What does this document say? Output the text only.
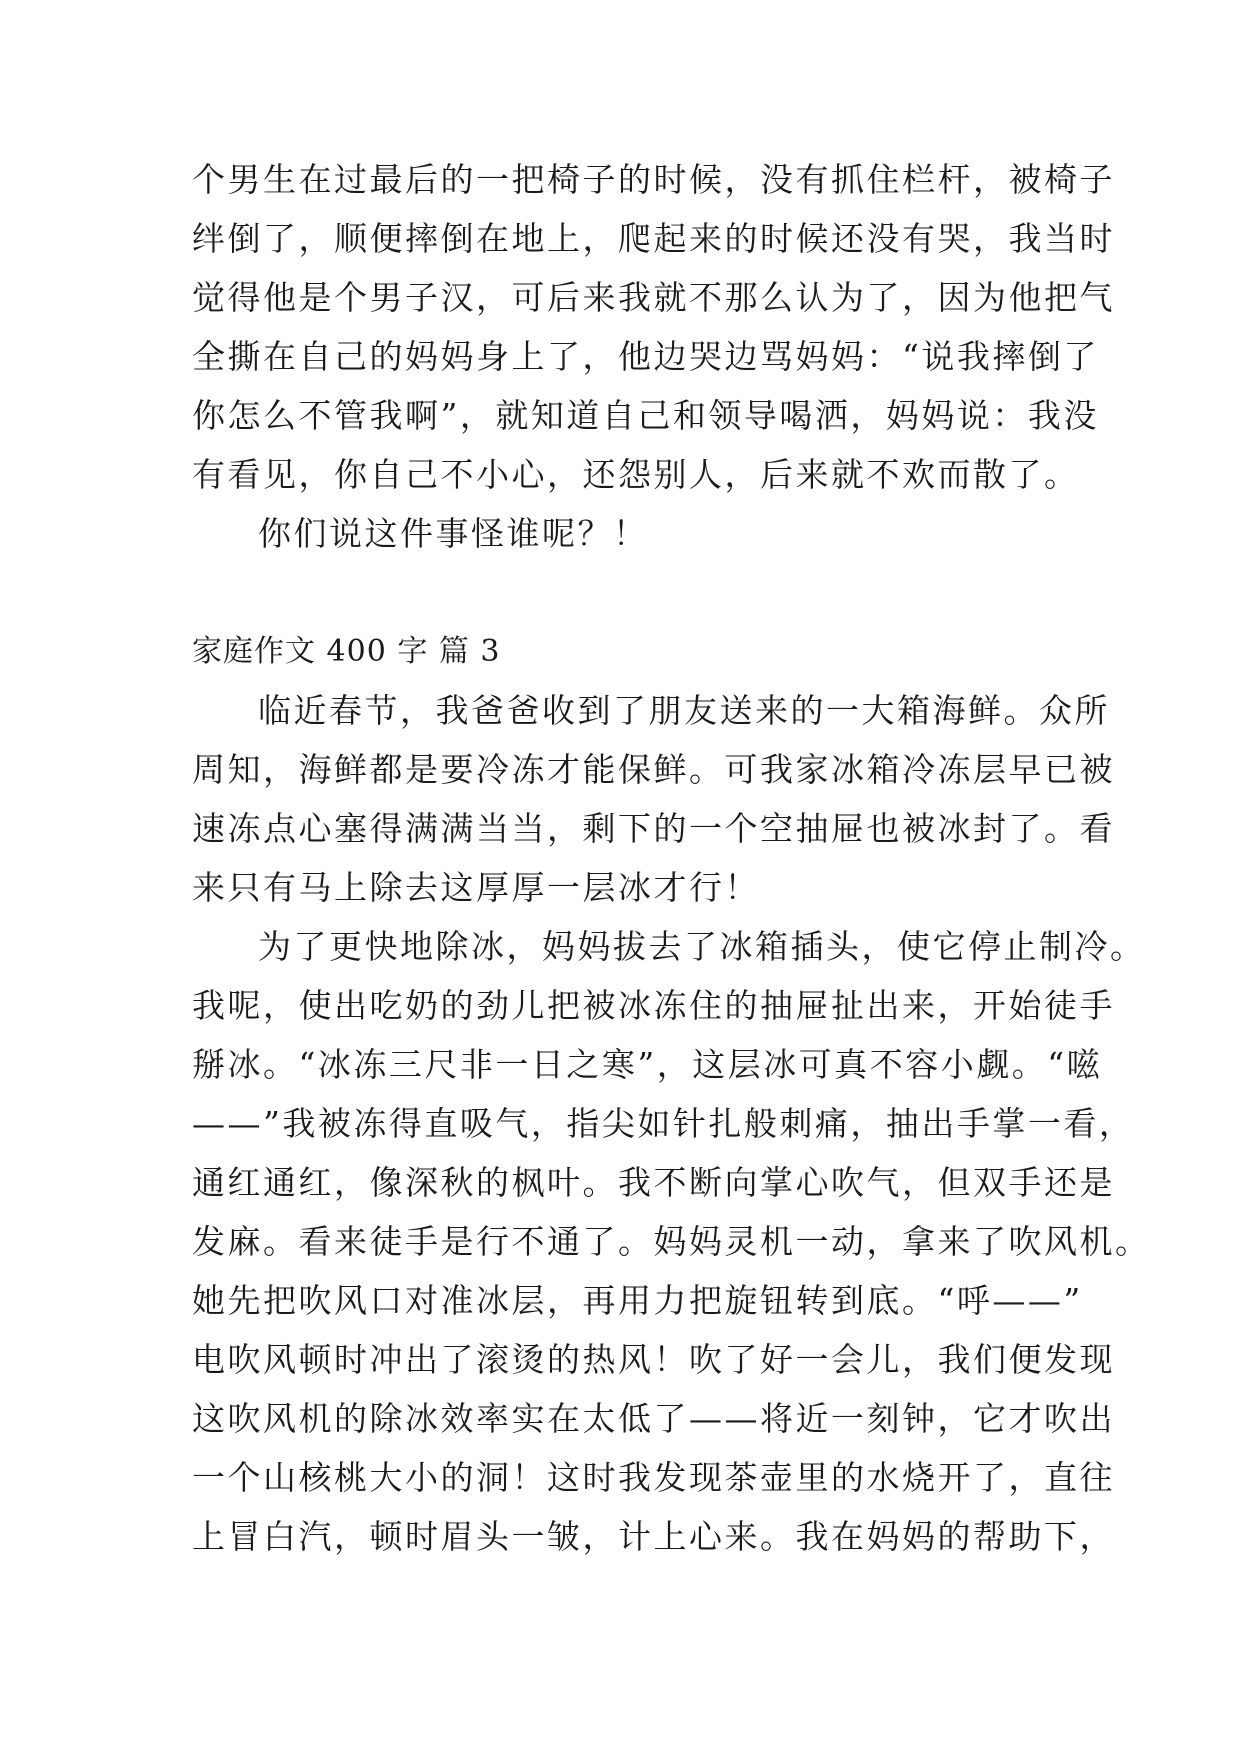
个男生在过最后的一把椅子的时候，没有抓住栏杆，被椅子
绊倒了，顺便摔倒在地上，爬起来的时候还没有哭，我当时
觉得他是个男子汉，可后来我就不那么认为了，因为他把气
全撕在自己的妈妈身上了，他边哭边骂妈妈：“说我摔倒了
你怎么不管我啊”，就知道自己和领导喝洒，妈妈说：我没
有看见，你自己不小心，还怨别人，后来就不欢而散了。
你们说这件事怪谁呢？！
家庭作文 400 字 篇 3
临近春节，我爸爸收到了朋友送来的一大箱海鲜。众所
周知，海鲜都是要冷冻才能保鲜。可我家冰箱冷冻层早已被
速冻点心塞得满满当当，剩下的一个空抽屉也被冰封了。看
来只有马上除去这厚厚一层冰才行！
为了更快地除冰，妈妈拔去了冰箱插头，使它停止制冷。
我呢，使出吃奶的劲儿把被冰冻住的抽屉扯出来，开始徒手
掰冰。“冰冻三尺非一日之寒”，这层冰可真不容小觑。“嗞
——”我被冻得直吸气，指尖如针扎般刺痛，抽出手掌一看，
通红通红，像深秋的枫叶。我不断向掌心吹气，但双手还是
发麻。看来徒手是行不通了。妈妈灵机一动，拿来了吹风机。
她先把吹风口对准冰层，再用力把旋钮转到底。“呼——”
电吹风顿时冲出了滚烫的热风！吹了好一会儿，我们便发现
这吹风机的除冰效率实在太低了——将近一刻钟，它才吹出
一个山核桃大小的洞！这时我发现茶壶里的水烧开了，直往
上冒白汽，顿时眉头一皱，计上心来。我在妈妈的帮助下，
